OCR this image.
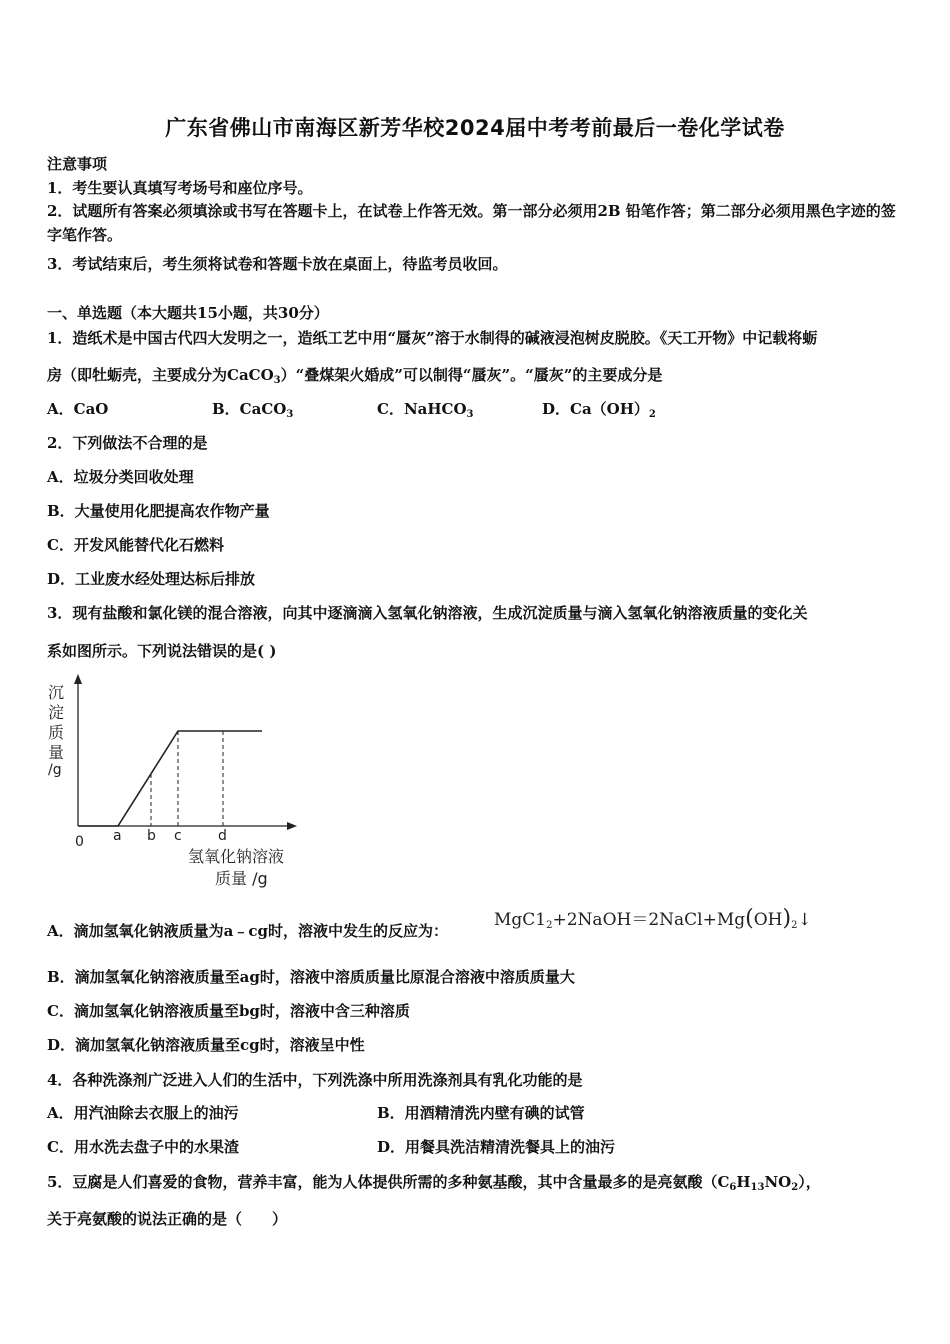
广东省佛山市南海区新芳华校2024届中考考前最后一卷化学试卷
注意事项
1．考生要认真填写考场号和座位序号。
2．试题所有答案必须填涂或书写在答题卡上，在试卷上作答无效。第一部分必须用2B 铅笔作答；第二部分必须用黑色字迹的签字笔作答。
3．考试结束后，考生须将试卷和答题卡放在桌面上，待监考员收回。
一、单选题（本大题共15小题，共30分）
1．造纸术是中国古代四大发明之一，造纸工艺中用“蜃灰”溶于水制得的碱液浸泡树皮脱胶。《天工开物》中记载将蛎
房（即牡蛎壳，主要成分为CaCO$_3$）“叠煤架火婚成”可以制得“蜃灰”。“蜃灰”的主要成分是
A．CaO	B．CaCO$_3$	C．NaHCO$_3$	D．$Ca(OH)_2$
2．下列做法不合理的是
A．垃圾分类回收处理
B．大量使用化肥提高农作物产量
C．开发风能替代化石燃料
D．工业废水经处理达标后排放
3．现有盐酸和氯化镁的混合溶液，向其中逐滴滴入氢氧化钠溶液，生成沉淀质量与滴入氢氧化钠溶液质量的变化关
系如图所示。下列说法错误的是( )
沉
淀
质
量
/g
0 a b c	d
氢氧化钠溶液
质量 /g
A．滴加氢氧化钠液质量为a﹣cg时，溶液中发生的反应为：
$MgC1_2+2NaOH=2NaCl+Mg(OH)_2↓$
B．滴加氢氧化钠溶液质量至ag时，溶液中溶质质量比原混合溶液中溶质质量大
C．滴加氢氧化钠溶液质量至bg时，溶液中含三种溶质
D．滴加氢氧化钠溶液质量至cg时，溶液呈中性
4．各种洗涤剂广泛进入人们的生活中，下列洗涤中所用洗涤剂具有乳化功能的是
A．用汽油除去衣服上的油污	B．用酒精清洗内壁有碘的试管
C．用水洗去盘子中的水果渣	D．用餐具洗洁精清洗餐具上的油污
5．豆腐是人们喜爱的食物，营养丰富，能为人体提供所需的多种氨基酸，其中含量最多的是亮氨酸$(C_6H_{13}NO_2)$，
关于亮氨酸的说法正确的是（　　）
